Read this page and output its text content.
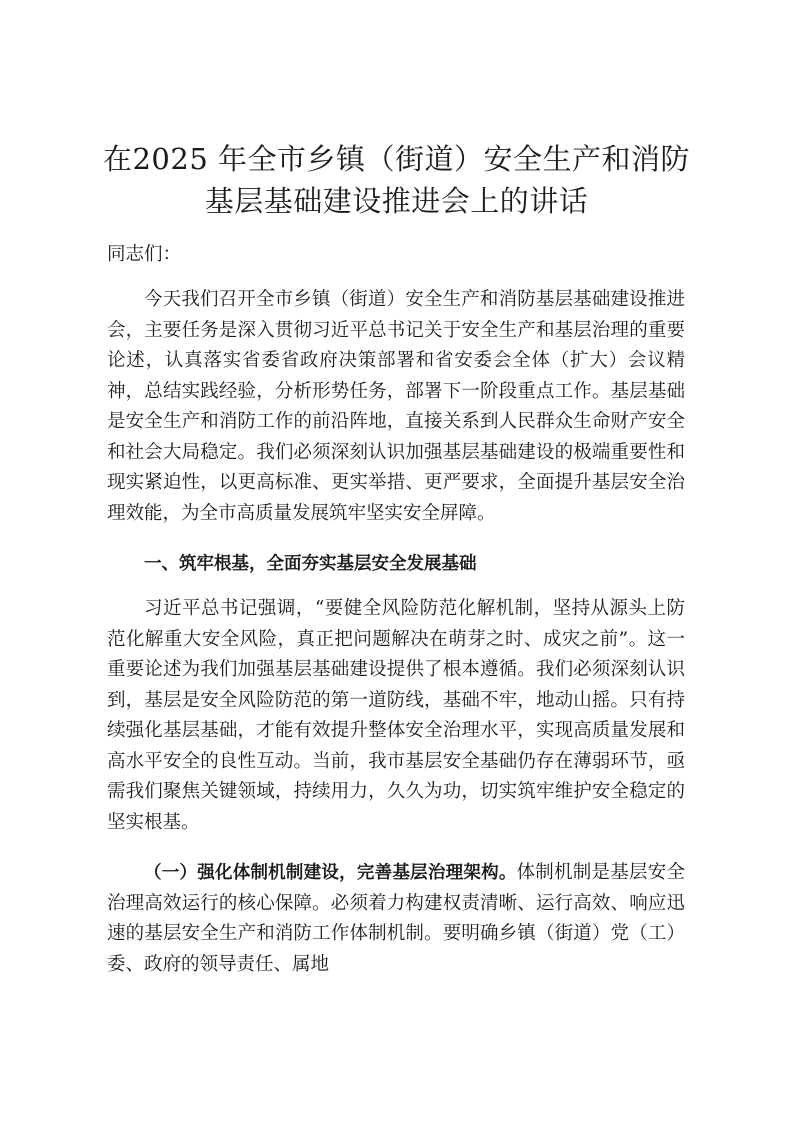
在2025 年全市乡镇（街道）安全生产和消防
基层基础建设推进会上的讲话

同志们：

今天我们召开全市乡镇（街道）安全生产和消防基层基础建设推进会，主要任务是深入贯彻习近平总书记关于安全生产和基层治理的重要论述，认真落实省委省政府决策部署和省安委会全体（扩大）会议精神，总结实践经验，分析形势任务，部署下一阶段重点工作。基层基础是安全生产和消防工作的前沿阵地，直接关系到人民群众生命财产安全和社会大局稳定。我们必须深刻认识加强基层基础建设的极端重要性和现实紧迫性，以更高标准、更实举措、更严要求，全面提升基层安全治理效能，为全市高质量发展筑牢坚实安全屏障。

一、筑牢根基，全面夯实基层安全发展基础

习近平总书记强调，“要健全风险防范化解机制，坚持从源头上防范化解重大安全风险，真正把问题解决在萌芽之时、成灾之前”。这一重要论述为我们加强基层基础建设提供了根本遵循。我们必须深刻认识到，基层是安全风险防范的第一道防线，基础不牢，地动山摇。只有持续强化基层基础，才能有效提升整体安全治理水平，实现高质量发展和高水平安全的良性互动。当前，我市基层安全基础仍存在薄弱环节，亟需我们聚焦关键领域，持续用力，久久为功，切实筑牢维护安全稳定的坚实根基。

（一）强化体制机制建设，完善基层治理架构。体制机制是基层安全治理高效运行的核心保障。必须着力构建权责清晰、运行高效、响应迅速的基层安全生产和消防工作体制机制。要明确乡镇（街道）党（工）委、政府的领导责任、属地
